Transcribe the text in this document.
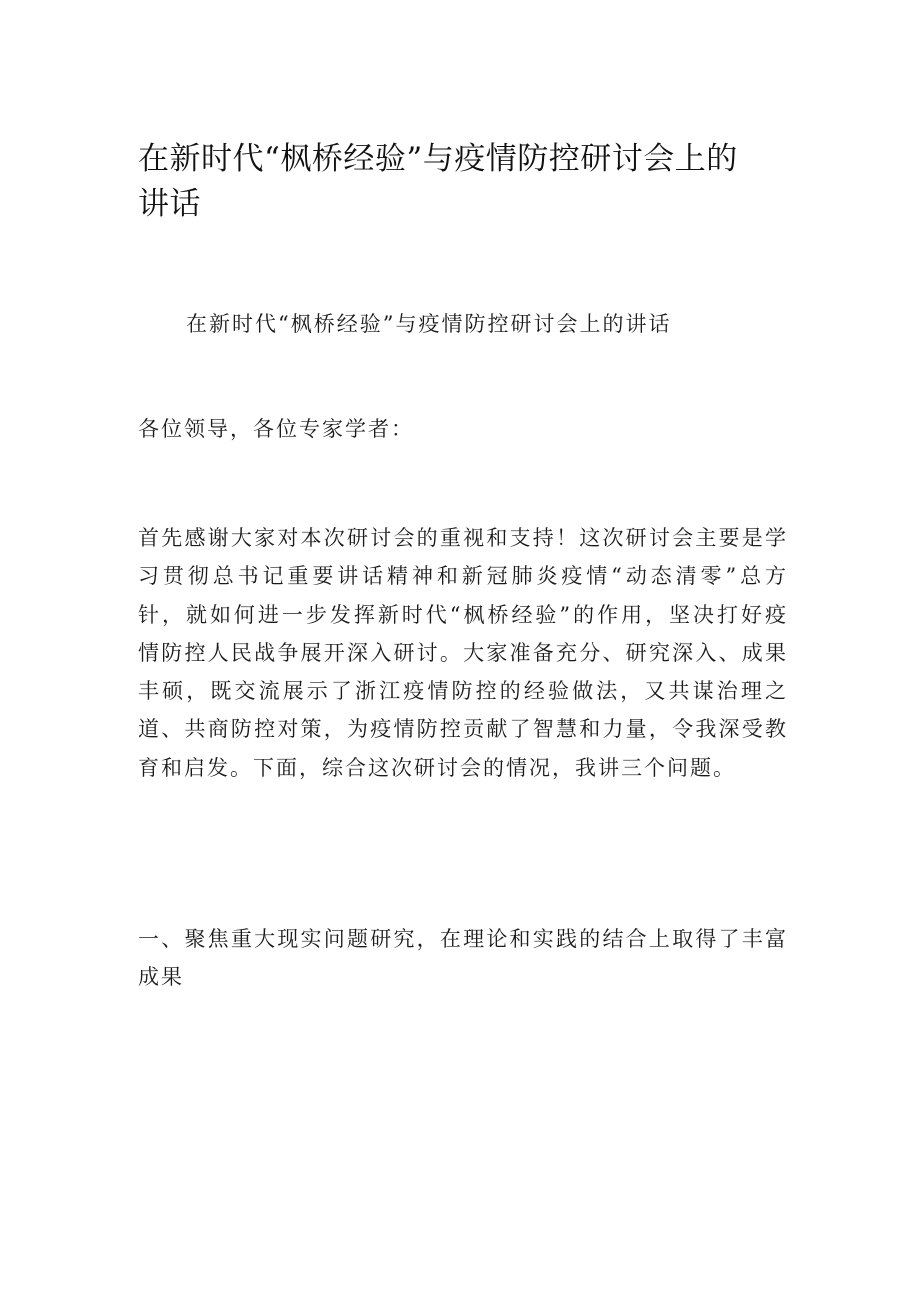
在新时代“枫桥经验”与疫情防控研讨会上的
讲话

在新时代“枫桥经验”与疫情防控研讨会上的讲话

各位领导，各位专家学者：

首先感谢大家对本次研讨会的重视和支持！这次研讨会主要是学
习贯彻总书记重要讲话精神和新冠肺炎疫情“动态清零”总方
针，就如何进一步发挥新时代“枫桥经验”的作用，坚决打好疫
情防控人民战争展开深入研讨。大家准备充分、研究深入、成果
丰硕，既交流展示了浙江疫情防控的经验做法，又共谋治理之
道、共商防控对策，为疫情防控贡献了智慧和力量，令我深受教
育和启发。下面，综合这次研讨会的情况，我讲三个问题。
一、聚焦重大现实问题研究，在理论和实践的结合上取得了丰富
成果
